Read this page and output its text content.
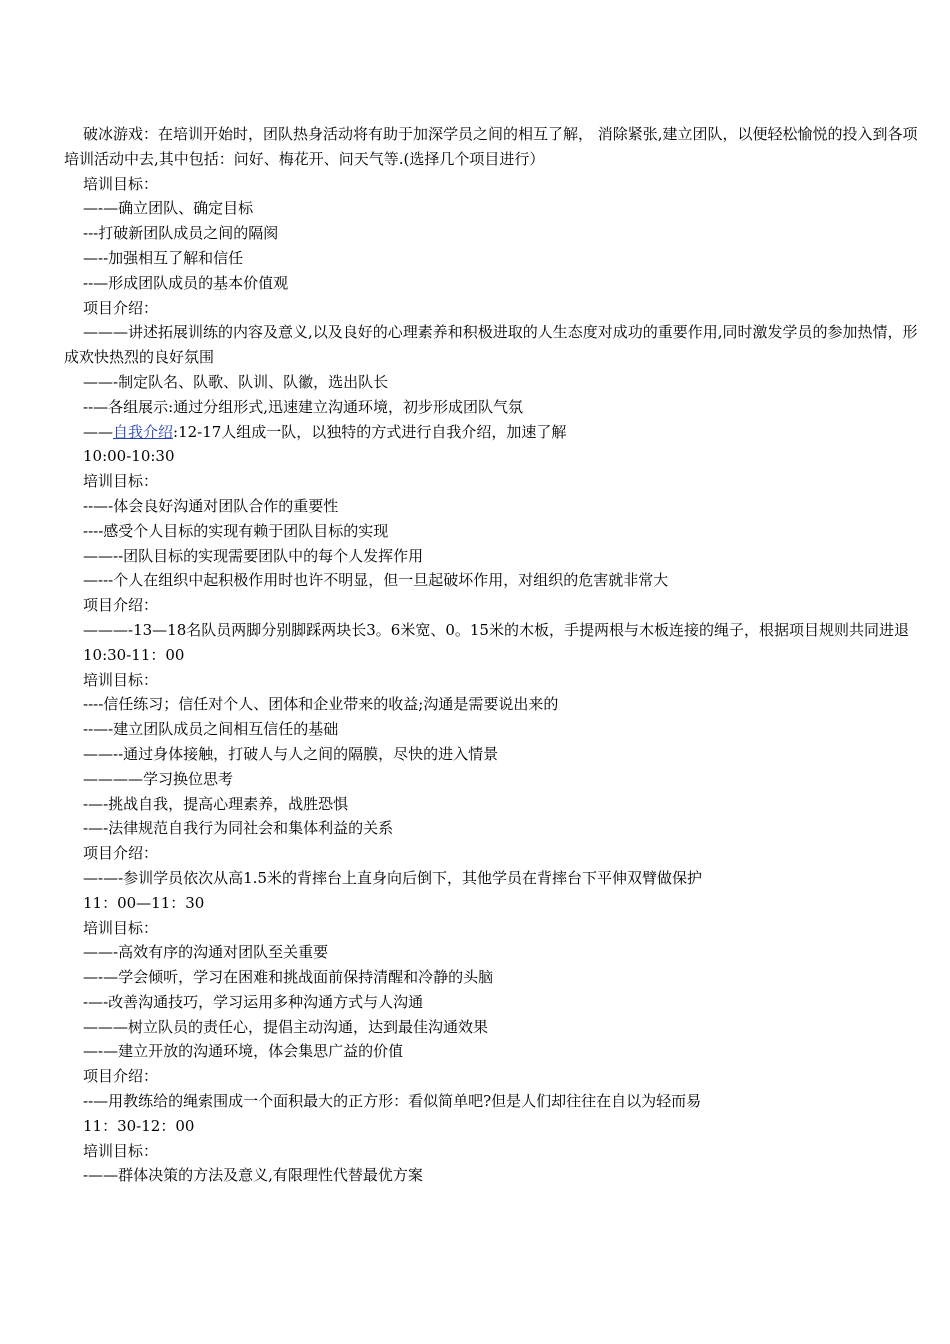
破冰游戏：在培训开始时，团队热身活动将有助于加深学员之间的相互了解， 消除紧张,建立团队，以便轻松愉悦的投入到各项培训活动中去,其中包括：问好、梅花开、问天气等.(选择几个项目进行）

培训目标：

—-—确立团队、确定目标

---打破新团队成员之间的隔阂

—--加强相互了解和信任

--—形成团队成员的基本价值观

项目介绍：

———讲述拓展训练的内容及意义,以及良好的心理素养和积极进取的人生态度对成功的重要作用,同时激发学员的参加热情，形成欢快热烈的良好氛围

——-制定队名、队歌、队训、队徽，选出队长

--—各组展示:通过分组形式,迅速建立沟通环境，初步形成团队气氛

——自我介绍:12-17人组成一队，以独特的方式进行自我介绍，加速了解

10:00-10:30

培训目标：

--—-体会良好沟通对团队合作的重要性

----感受个人目标的实现有赖于团队目标的实现

——--团队目标的实现需要团队中的每个人发挥作用

—---个人在组织中起积极作用时也许不明显，但一旦起破坏作用，对组织的危害就非常大

项目介绍：

———-13—18名队员两脚分别脚踩两块长3。6米宽、0。15米的木板，手提两根与木板连接的绳子，根据项目规则共同进退

10:30-11：00

培训目标：

----信任练习；信任对个人、团体和企业带来的收益;沟通是需要说出来的

--—-建立团队成员之间相互信任的基础

——--通过身体接触，打破人与人之间的隔膜，尽快的进入情景

————学习换位思考

-—-挑战自我，提高心理素养，战胜恐惧

-—-法律规范自我行为同社会和集体利益的关系

项目介绍：

—-—-参训学员依次从高1.5米的背摔台上直身向后倒下，其他学员在背摔台下平伸双臂做保护

11：00—11：30

培训目标：

——-高效有序的沟通对团队至关重要

—-—学会倾听，学习在困难和挑战面前保持清醒和冷静的头脑

-—-改善沟通技巧，学习运用多种沟通方式与人沟通

———树立队员的责任心，提倡主动沟通，达到最佳沟通效果

—-—建立开放的沟通环境，体会集思广益的价值

项目介绍：

--—用教练给的绳索围成一个面积最大的正方形：看似简单吧?但是人们却往往在自以为轻而易

11：30-12：00

培训目标：

-——群体决策的方法及意义,有限理性代替最优方案
